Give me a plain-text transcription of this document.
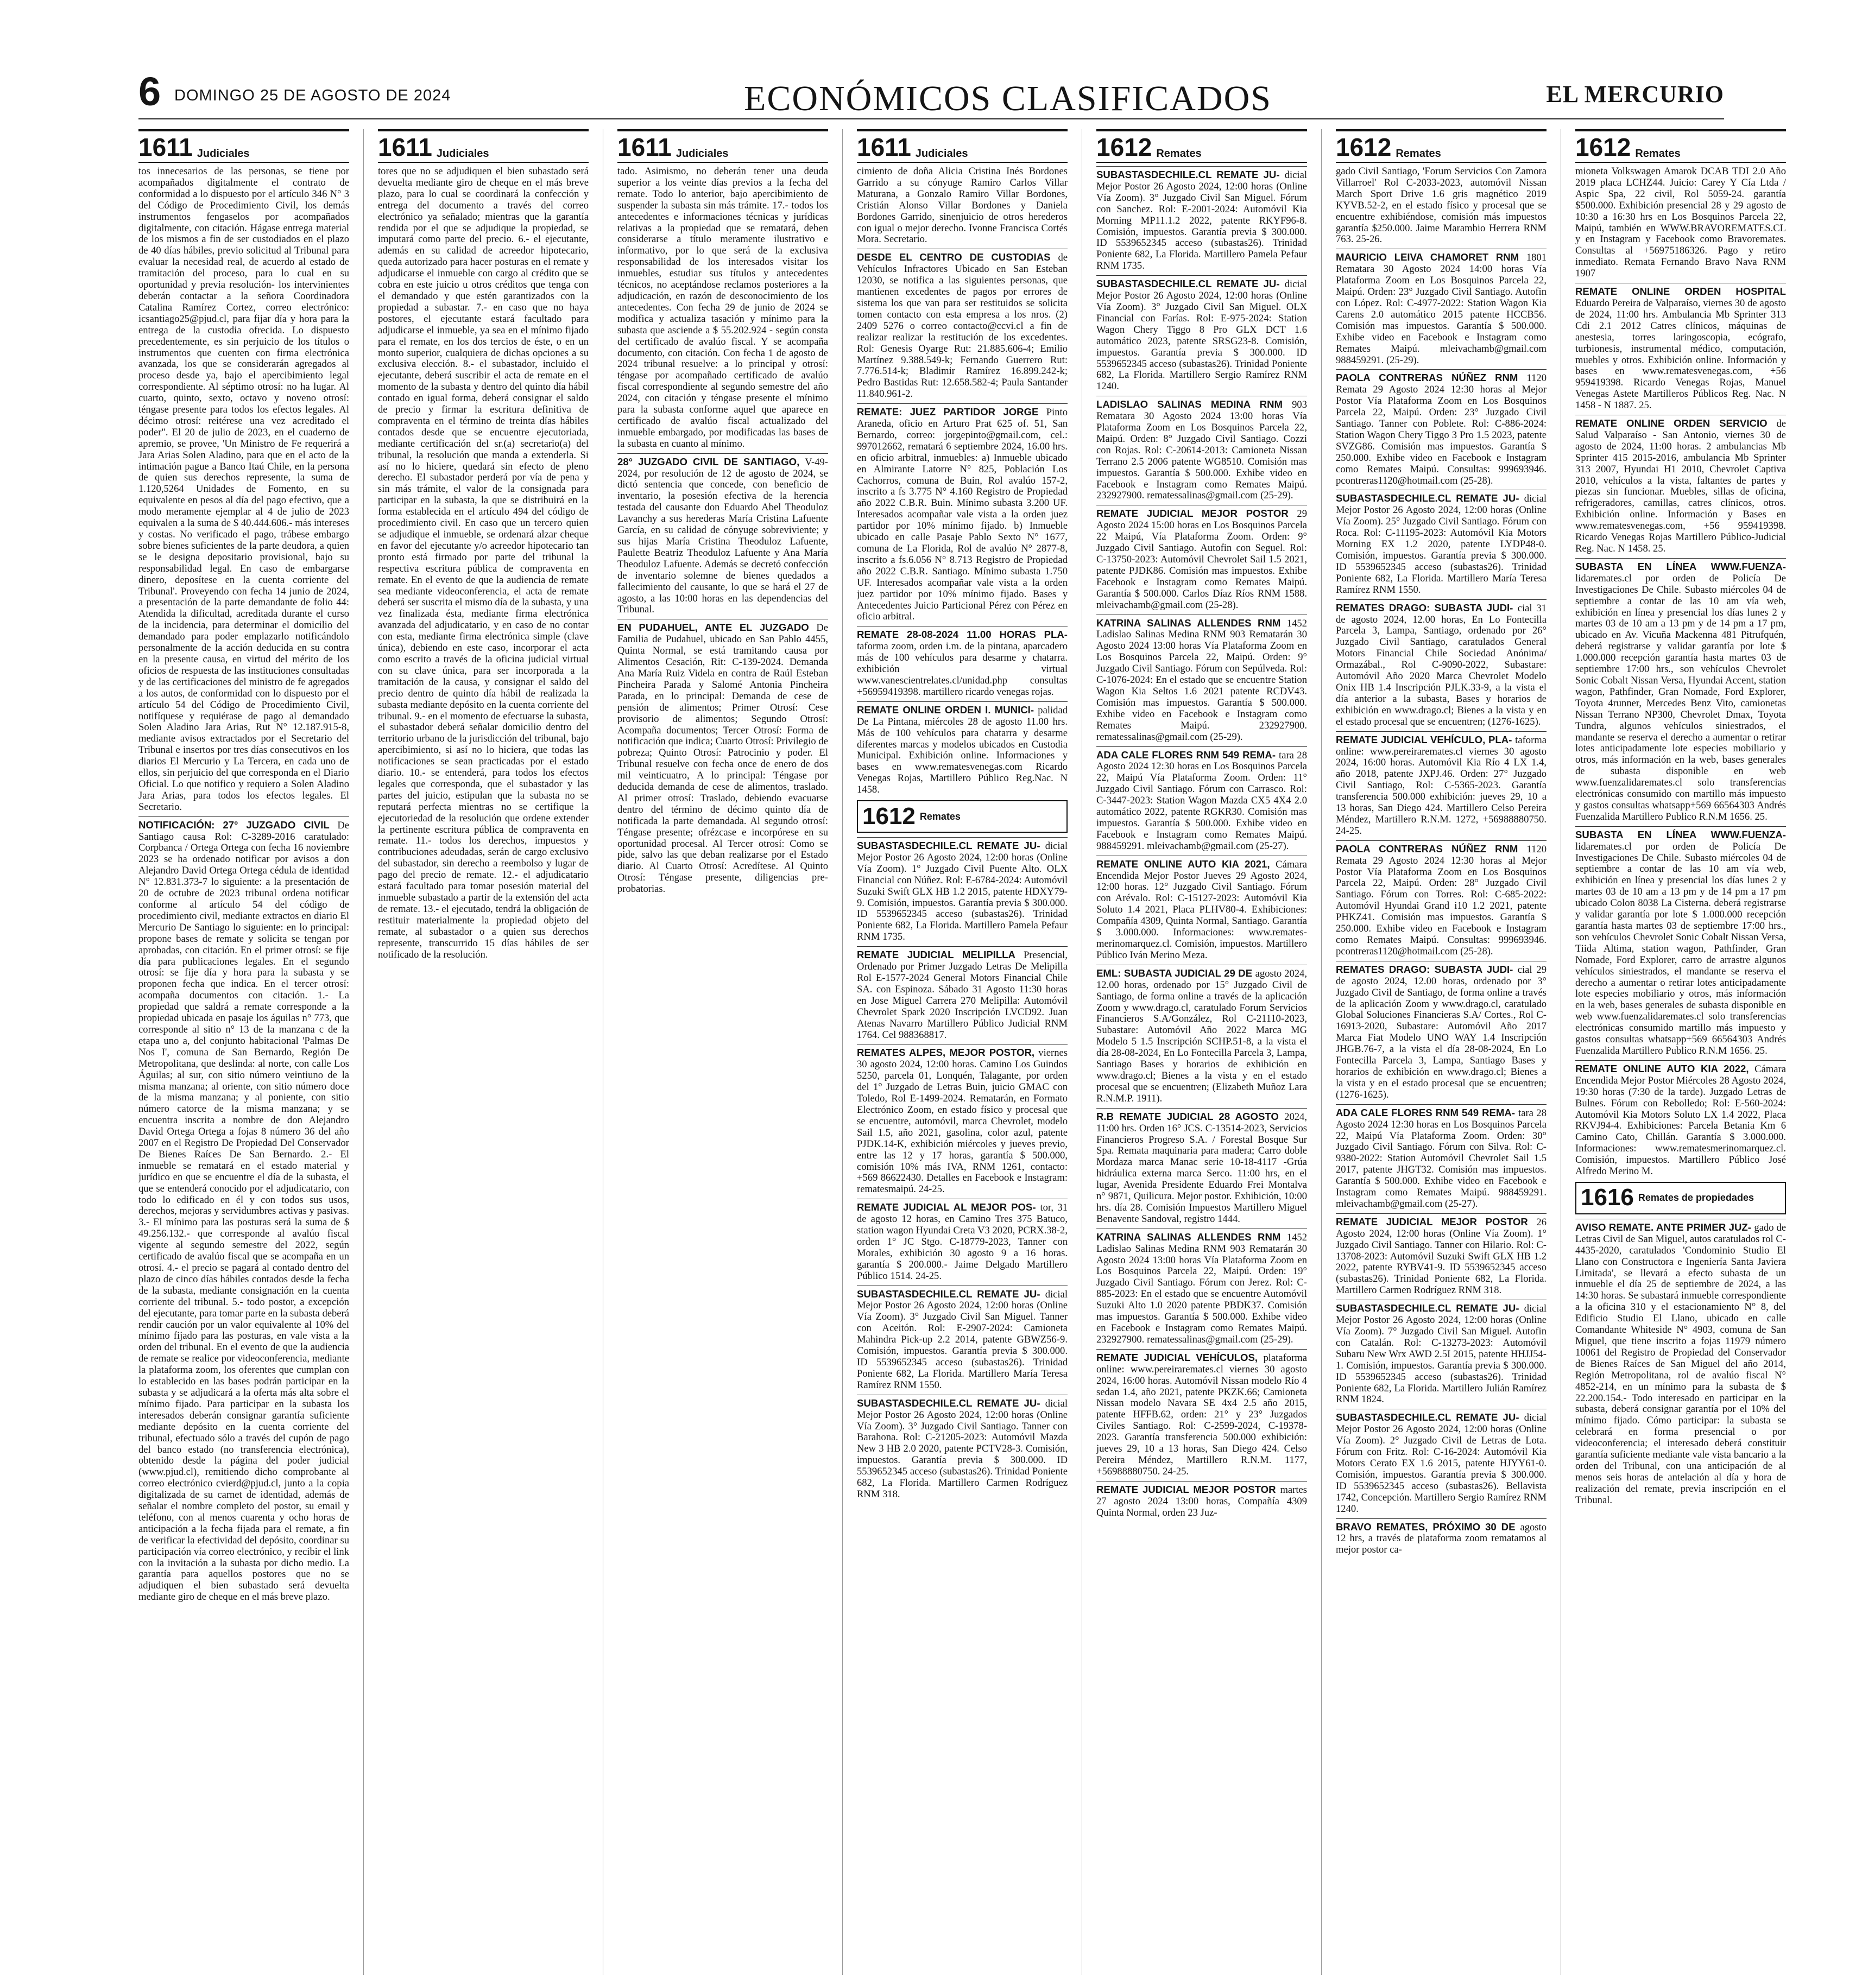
6 DOMINGO 25 DE AGOSTO DE 2024	ECONÓMICOS CLASIFICADOS	EL MERCURIO
1611 Judiciales

tos innecesarios de las personas, se tiene por acompañados digitalmente el contrato de conformidad a lo dispuesto por el artículo 346 N° 3 del Código de Procedimiento Civil, los demás instrumentos fengaselos por acompañados digitalmente, con citación. Hágase entrega material de los mismos a fin de ser custodiados en el plazo de 40 días hábiles, previo solicitud al Tribunal para evaluar la necesidad real, de acuerdo al estado de tramitación del proceso, para lo cual en su oportunidad y previa resolución- los intervinientes deberán contactar a la señora Coordinadora Catalina Ramírez Cortez, correo electrónico: icsantiago25@pjud.cl, para fijar día y hora para la entrega de la custodia ofrecida. Lo dispuesto precedentemente, es sin perjuicio de los títulos o instrumentos que cuenten con firma electrónica avanzada, los que se considerarán agregados al proceso desde ya, bajo el apercibimiento legal correspondiente. Al séptimo otrosí: no ha lugar. Al cuarto, quinto, sexto, octavo y noveno otrosí: téngase presente para todos los efectos legales. Al décimo otrosí: reitérese una vez acreditado el poder". El 20 de julio de 2023, en el cuaderno de apremio, se provee, 'Un Ministro de Fe requerirá a Jara Arias Solen Aladino, para que en el acto de la intimación pague a Banco Itaú Chile, en la persona de quien sus derechos represente, la suma de 1.120,5264 Unidades de Fomento, en su equivalente en pesos al día del pago efectivo, que a modo meramente ejemplar al 4 de julio de 2023 equivalen a la suma de $ 40.444.606.- más intereses y costas. No verificado el pago, trábese embargo sobre bienes suficientes de la parte deudora, a quien se le designa depositario provisional, bajo su responsabilidad legal. En caso de embargarse dinero, deposítese en la cuenta corriente del Tribunal'. Proveyendo con fecha 14 junio de 2024, a presentación de la parte demandante de folio 44: Atendida la dificultad, acreditada durante el curso de la incidencia, para determinar el domicilio del demandado para poder emplazarlo notificándolo personalmente de la acción deducida en su contra en la presente causa, en virtud del mérito de los oficios de respuesta de las instituciones consultadas y de las certificaciones del ministro de fe agregados a los autos, de conformidad con lo dispuesto por el artículo 54 del Código de Procedimiento Civil, notifíquese y requiérase de pago al demandado Solen Aladino Jara Arias, Rut N° 12.187.915-8, mediante avisos extractados por el Secretario del Tribunal e insertos por tres días consecutivos en los diarios El Mercurio y La Tercera, en cada uno de ellos, sin perjuicio del que corresponda en el Diario Oficial. Lo que notifico y requiero a Solen Aladino Jara Arias, para todos los efectos legales. El Secretario.

NOTIFICACIÓN: 27° JUZGADO CIVIL De Santiago causa Rol: C-3289-2016 caratulado: Corpbanca / Ortega Ortega con fecha 16 noviembre 2023 se ha ordenado notificar por avisos a don Alejandro David Ortega Ortega cédula de identidad N° 12.831.373-7 lo siguiente: a la presentación de 20 de octubre de 2023 tribunal ordena notificar conforme al artículo 54 del código de procedimiento civil, mediante extractos en diario El Mercurio De Santiago lo siguiente: en lo principal: propone bases de remate y solicita se tengan por aprobadas, con citación. En el primer otrosí: se fije día para publicaciones legales. En el segundo otrosí: se fije día y hora para la subasta y se proponen fecha que indica. En el tercer otrosí: acompaña documentos con citación. 1.- La propiedad que saldrá a remate corresponde a la propiedad ubicada en pasaje los águilas n° 773, que corresponde al sitio n° 13 de la manzana c de la etapa uno a, del conjunto habitacional 'Palmas De Nos I', comuna de San Bernardo, Región De Metropolitana, que deslinda: al norte, con calle Los Águilas; al sur, con sitio número veintiuno de la misma manzana; al oriente, con sitio número doce de la misma manzana; y al poniente, con sitio número catorce de la misma manzana; y se encuentra inscrita a nombre de don Alejandro David Ortega Ortega a fojas 8 número 36 del año 2007 en el Registro De Propiedad Del Conservador De Bienes Raíces De San Bernardo. 2.- El inmueble se rematará en el estado material y jurídico en que se encuentre el día de la subasta, el que se entenderá conocido por el adjudicatario, con todo lo edificado en él y con todos sus usos, derechos, mejoras y servidumbres activas y pasivas. 3.- El mínimo para las posturas será la suma de $ 49.256.132.- que corresponde al avalúo fiscal vigente al segundo semestre del 2022, según certificado de avalúo fiscal que se acompaña en un otrosí. 4.- el precio se pagará al contado dentro del plazo de cinco días hábiles contados desde la fecha de la subasta, mediante consignación en la cuenta corriente del tribunal. 5.- todo postor, a excepción del ejecutante, para tomar parte en la subasta deberá rendir caución por un valor equivalente al 10% del mínimo fijado para las posturas, en vale vista a la orden del tribunal. En el evento de que la audiencia de remate se realice por videoconferencia, mediante la plataforma zoom, los oferentes que cumplan con lo establecido en las bases podrán participar en la subasta y se adjudicará a la oferta más alta sobre el mínimo fijado. Para participar en la subasta los interesados deberán consignar garantía suficiente mediante depósito en la cuenta corriente del tribunal, efectuado sólo a través del cupón de pago del banco estado (no transferencia electrónica), obtenido desde la página del poder judicial (www.pjud.cl), remitiendo dicho comprobante al correo electrónico cvierd@pjud.cl, junto a la copia digitalizada de su carnet de identidad, además de señalar el nombre completo del postor, su email y teléfono, con al menos cuarenta y ocho horas de anticipación a la fecha fijada para el remate, a fin de verificar la efectividad del depósito, coordinar su participación vía correo electrónico, y recibir el link con la invitación a la subasta por dicho medio. La garantía para aquellos postores que no se adjudiquen el bien subastado será devuelta mediante giro de cheque en el más breve plazo.

1611 Judiciales

tores que no se adjudiquen el bien subastado será devuelta mediante giro de cheque en el más breve plazo, para lo cual se coordinará la confección y entrega del documento a través del correo electrónico ya señalado; mientras que la garantía rendida por el que se adjudique la propiedad, se imputará como parte del precio. 6.- el ejecutante, además en su calidad de acreedor hipotecario, queda autorizado para hacer posturas en el remate y adjudicarse el inmueble con cargo al crédito que se cobra en este juicio u otros créditos que tenga con el demandado y que estén garantizados con la propiedad a subastar. 7.- en caso que no haya postores, el ejecutante estará facultado para adjudicarse el inmueble, ya sea en el mínimo fijado para el remate, en los dos tercios de éste, o en un monto superior, cualquiera de dichas opciones a su exclusiva elección. 8.- el subastador, incluido el ejecutante, deberá suscribir el acta de remate en el momento de la subasta y dentro del quinto día hábil contado en igual forma, deberá consignar el saldo de precio y firmar la escritura definitiva de compraventa en el término de treinta días hábiles contados desde que se encuentre ejecutoriada, mediante certificación del sr.(a) secretario(a) del tribunal, la resolución que manda a extenderla. Si así no lo hiciere, quedará sin efecto de pleno derecho. El subastador perderá por vía de pena y sin más trámite, el valor de la consignada para participar en la subasta, la que se distribuirá en la forma establecida en el artículo 494 del código de procedimiento civil. En caso que un tercero quien se adjudique el inmueble, se ordenará alzar cheque en favor del ejecutante y/o acreedor hipotecario tan pronto está firmado por parte del tribunal la respectiva escritura pública de compraventa en remate. En el evento de que la audiencia de remate sea mediante videoconferencia, el acta de remate deberá ser suscrita el mismo día de la subasta, y una vez finalizada ésta, mediante firma electrónica avanzada del adjudicatario, y en caso de no contar con esta, mediante firma electrónica simple (clave única), debiendo en este caso, incorporar el acta como escrito a través de la oficina judicial virtual con su clave única, para ser incorporada a la tramitación de la causa, y consignar el saldo del precio dentro de quinto día hábil de realizada la subasta mediante depósito en la cuenta corriente del tribunal. 9.- en el momento de efectuarse la subasta, el subastador deberá señalar domicilio dentro del territorio urbano de la jurisdicción del tribunal, bajo apercibimiento, si así no lo hiciera, que todas las notificaciones se sean practicadas por el estado diario. 10.- se entenderá, para todos los efectos legales que corresponda, que el subastador y las partes del juicio, estipulan que la subasta no se reputará perfecta mientras no se certifique la ejecutoriedad de la resolución que ordene extender la pertinente escritura pública de compraventa en remate. 11.- todos los derechos, impuestos y contribuciones adeudadas, serán de cargo exclusivo del subastador, sin derecho a reembolso y lugar de pago del precio de remate. 12.- el adjudicatario estará facultado para tomar posesión material del inmueble subastado a partir de la extensión del acta de remate. 13.- el ejecutado, tendrá la obligación de restituir materialmente la propiedad objeto del remate, al subastador o a quien sus derechos represente, transcurrido 15 días hábiles de ser notificado de la resolución.

1611 Judiciales

tado. Asimismo, no deberán tener una deuda superior a los veinte días previos a la fecha del remate. Todo lo anterior, bajo apercibimiento de suspender la subasta sin más trámite. 17.- todos los antecedentes e informaciones técnicas y jurídicas relativas a la propiedad que se rematará, deben considerarse a título meramente ilustrativo e informativo, por lo que será de la exclusiva responsabilidad de los interesados visitar los inmuebles, estudiar sus títulos y antecedentes técnicos, no aceptándose reclamos posteriores a la adjudicación, en razón de desconocimiento de los antecedentes. Con fecha 29 de junio de 2024 se modifica y actualiza tasación y mínimo para la subasta que asciende a $ 55.202.924 - según consta del certificado de avalúo fiscal. Y se acompaña documento, con citación. Con fecha 1 de agosto de 2024 tribunal resuelve: a lo principal y otrosí: téngase por acompañado certificado de avalúo fiscal correspondiente al segundo semestre del año 2024, con citación y téngase presente el mínimo para la subasta conforme aquel que aparece en certificado de avalúo fiscal actualizado del inmueble embargado, por modificadas las bases de la subasta en cuanto al mínimo.

28° JUZGADO CIVIL DE SANTIAGO, V-49-2024, por resolución de 12 de agosto de 2024, se dictó sentencia que concede, con beneficio de inventario, la posesión efectiva de la herencia testada del causante don Eduardo Abel Theoduloz Lavanchy a sus herederas María Cristina Lafuente García, en su calidad de cónyuge sobreviviente; y sus hijas María Cristina Theoduloz Lafuente, Paulette Beatriz Theoduloz Lafuente y Ana María Theoduloz Lafuente. Además se decretó confección de inventario solemne de bienes quedados a fallecimiento del causante, lo que se hará el 27 de agosto, a las 10:00 horas en las dependencias del Tribunal.

EN PUDAHUEL, ANTE EL JUZGADO De Familia de Pudahuel, ubicado en San Pablo 4455, Quinta Normal, se está tramitando causa por Alimentos Cesación, Rit: C-139-2024. Demanda Ana María Ruiz Videla en contra de Raúl Esteban Pincheira Parada y Salomé Antonia Pincheira Parada, en lo principal: Demanda de cese de pensión de alimentos; Primer Otrosí: Cese provisorio de alimentos; Segundo Otrosí: Acompaña documentos; Tercer Otrosí: Forma de notificación que indica; Cuarto Otrosí: Privilegio de pobreza; Quinto Otrosí: Patrocinio y poder. El Tribunal resuelve con fecha once de enero de dos mil veinticuatro, A lo principal: Téngase por deducida demanda de cese de alimentos, traslado. Al primer otrosí: Traslado, debiendo evacuarse dentro del término de décimo quinto día de notificada la parte demandada. Al segundo otrosí: Téngase presente; ofrézcase e incorpórese en su oportunidad procesal. Al Tercer otrosí: Como se pide, salvo las que deban realizarse por el Estado diario. Al Cuarto Otrosí: Acredítese. Al Quinto Otrosí: Téngase presente, diligencias pre-probatorias.

1611 Judiciales

cimiento de doña Alicia Cristina Inés Bordones Garrido a su cónyuge Ramiro Carlos Villar Maturana, a Gonzalo Ramiro Villar Bordones, Cristián Alonso Villar Bordones y Daniela Bordones Garrido, sinenjuicio de otros herederos con igual o mejor derecho. Ivonne Francisca Cortés Mora. Secretario.

DESDE EL CENTRO DE CUSTODIAS de Vehículos Infractores Ubicado en San Esteban 12030, se notifica a las siguientes personas, que mantienen excedentes de pagos por errores de sistema los que van para ser restituidos se solicita tomen contacto con esta empresa a los nros. (2) 2409 5276 o correo contacto@ccvi.cl a fin de realizar realizar la restitución de los excedentes. Rol: Genesis Oyarge Rut: 21.885.606-4; Emilio Martínez 9.388.549-k; Fernando Guerrero Rut: 7.776.514-k; Bladimir Ramírez 16.899.242-k; Pedro Bastidas Rut: 12.658.582-4; Paula Santander 11.840.961-2.

REMATE: JUEZ PARTIDOR JORGE Pinto Araneda, oficio en Arturo Prat 625 of. 51, San Bernardo, correo: jorgepinto@gmail.com, cel.: 997012662, rematará 6 septiembre 2024, 16.00 hrs. en oficio arbitral, inmuebles: a) Inmueble ubicado en Almirante Latorre N° 825, Población Los Cachorros, comuna de Buin, Rol avalúo 157-2, inscrito a fs 3.775 N° 4.160 Registro de Propiedad año 2022 C.B.R. Buin. Mínimo subasta 3.200 UF. Interesados acompañar vale vista a la orden juez partidor por 10% mínimo fijado. b) Inmueble ubicado en calle Pasaje Pablo Sexto N° 1677, comuna de La Florida, Rol de avalúo N° 2877-8, inscrito a fs.6.056 N° 8.713 Registro de Propiedad año 2022 C.B.R. Santiago. Mínimo subasta 1.750 UF. Interesados acompañar vale vista a la orden juez partidor por 10% mínimo fijado. Bases y Antecedentes Juicio Particional Pérez con Pérez en oficio arbitral.

REMATE 28-08-2024 11.00 HORAS PLA- taforma zoom, orden i.m. de la pintana, aparcadero más de 100 vehículos para desarme y chatarra. exhibición virtual www.vanescientrelates.cl/unidad.php consultas +56959419398. martillero ricardo venegas rojas.

REMATE ONLINE ORDEN I. MUNICI- palidad De La Pintana, miércoles 28 de agosto 11.00 hrs. Más de 100 vehículos para chatarra y desarme diferentes marcas y modelos ubicados en Custodia Municipal. Exhibición online. Informaciones y bases en www.rematesvenegas.com Ricardo Venegas Rojas, Martillero Público Reg.Nac. N 1458.

1612 Remates

SUBASTASDECHILE.CL REMATE JU- dicial Mejor Postor 26 Agosto 2024, 12:00 horas (Online Vía Zoom). 1° Juzgado Civil Puente Alto. OLX Financial con Núñez. Rol: E-6784-2024: Automóvil Suzuki Swift GLX HB 1.2 2015, patente HDXY79-9. Comisión, impuestos. Garantía previa $ 300.000. ID 5539652345 acceso (subastas26). Trinidad Poniente 682, La Florida. Martillero Pamela Pefaur RNM 1735.

REMATE JUDICIAL MELIPILLA Presencial, Ordenado por Primer Juzgado Letras De Melipilla Rol E-1577-2024 General Motors Financial Chile SA. con Espinoza. Sábado 31 Agosto 11:30 horas en Jose Miguel Carrera 270 Melipilla: Automóvil Chevrolet Spark 2020 Inscripción LVCD92. Juan Atenas Navarro Martillero Público Judicial RNM 1764. Cel 988368817.

REMATES ALPES, MEJOR POSTOR, viernes 30 agosto 2024, 12:00 horas. Camino Los Guindos 5250, parcela 01, Lonquén, Talagante, por orden del 1° Juzgado de Letras Buin, juicio GMAC con Toledo, Rol E-1499-2024. Rematarán, en Formato Electrónico Zoom, en estado físico y procesal que se encuentre, automóvil, marca Chevrolet, modelo Sail 1.5, año 2021, gasolina, color azul, patente PJDK.14-K, exhibición miércoles y jueves previo, entre las 12 y 17 horas, garantía $ 500.000, comisión 10% más IVA, RNM 1261, contacto: +569 86622430. Detalles en Facebook e Instagram: rematesmaipú. 24-25.

REMATE JUDICIAL AL MEJOR POS- tor, 31 de agosto 12 horas, en Camino Tres 375 Batuco, station wagon Hyundai Creta V3 2020, PCRX.38-2, orden 1° JC Stgo. C-18779-2023, Tanner con Morales, exhibición 30 agosto 9 a 16 horas. garantía $ 200.000.- Jaime Delgado Martillero Público 1514. 24-25.

SUBASTASDECHILE.CL REMATE JU- dicial Mejor Postor 26 Agosto 2024, 12:00 horas (Online Vía Zoom). 3° Juzgado Civil San Miguel. Tanner con Aceitón. Rol: E-2907-2024: Camioneta Mahindra Pick-up 2.2 2014, patente GBWZ56-9. Comisión, impuestos. Garantía previa $ 300.000. ID 5539652345 acceso (subastas26). Trinidad Poniente 682, La Florida. Martillero María Teresa Ramírez RNM 1550.

SUBASTASDECHILE.CL REMATE JU- dicial Mejor Postor 26 Agosto 2024, 12:00 horas (Online Vía Zoom). 3° Juzgado Civil Santiago. Tanner con Barahona. Rol: C-21205-2023: Automóvil Mazda New 3 HB 2.0 2020, patente PCTV28-3. Comisión, impuestos. Garantía previa $ 300.000. ID 5539652345 acceso (subastas26). Trinidad Poniente 682, La Florida. Martillero Carmen Rodríguez RNM 318.

1612 Remates

SUBASTASDECHILE.CL REMATE JU- dicial Mejor Postor 26 Agosto 2024, 12:00 horas (Online Vía Zoom). 3° Juzgado Civil San Miguel. Fórum con Sanchez. Rol: E-2001-2024: Automóvil Kia Morning MP11.1.2 2022, patente RKYF96-8. Comisión, impuestos. Garantía previa $ 300.000. ID 5539652345 acceso (subastas26). Trinidad Poniente 682, La Florida. Martillero Pamela Pefaur RNM 1735.

SUBASTASDECHILE.CL REMATE JU- dicial Mejor Postor 26 Agosto 2024, 12:00 horas (Online Vía Zoom). 3° Juzgado Civil San Miguel. OLX Financial con Farías. Rol: E-975-2024: Station Wagon Chery Tiggo 8 Pro GLX DCT 1.6 automático 2023, patente SRSG23-8. Comisión, impuestos. Garantía previa $ 300.000. ID 5539652345 acceso (subastas26). Trinidad Poniente 682, La Florida. Martillero Sergio Ramírez RNM 1240.

LADISLAO SALINAS MEDINA RNM 903 Rematara 30 Agosto 2024 13:00 horas Vía Plataforma Zoom en Los Bosquinos Parcela 22, Maipú. Orden: 8° Juzgado Civil Santiago. Cozzi con Rojas. Rol: C-20614-2013: Camioneta Nissan Terrano 2.5 2006 patente WG8510. Comisión mas impuestos. Garantía $ 500.000. Exhibe video en Facebook e Instagram como Remates Maipú. 232927900. rematessalinas@gmail.com (25-29).

REMATE JUDICIAL MEJOR POSTOR 29 Agosto 2024 15:00 horas en Los Bosquinos Parcela 22 Maipú, Vía Plataforma Zoom. Orden: 9° Juzgado Civil Santiago. Autofin con Seguel. Rol: C-13750-2023: Automóvil Chevrolet Sail 1.5 2021, patente PJDK86. Comisión mas impuestos. Exhibe Facebook e Instagram como Remates Maipú. Garantía $ 500.000. Carlos Díaz Ríos RNM 1588. mleivachamb@gmail.com (25-28).

KATRINA SALINAS ALLENDES RNM 1452 Ladislao Salinas Medina RNM 903 Rematarán 30 Agosto 2024 13:00 horas Vía Plataforma Zoom en Los Bosquinos Parcela 22, Maipú. Orden: 9° Juzgado Civil Santiago. Fórum con Sepúlveda. Rol: C-1076-2024: En el estado que se encuentre Station Wagon Kia Seltos 1.6 2021 patente RCDV43. Comisión mas impuestos. Garantía $ 500.000. Exhibe video en Facebook e Instagram como Remates Maipú. 232927900. rematessalinas@gmail.com (25-29).

ADA CALE FLORES RNM 549 REMA- tara 28 Agosto 2024 12:30 horas en Los Bosquinos Parcela 22, Maipú Vía Plataforma Zoom. Orden: 11° Juzgado Civil Santiago. Fórum con Carrasco. Rol: C-3447-2023: Station Wagon Mazda CX5 4X4 2.0 automático 2022, patente RGKR30. Comisión mas impuestos. Garantía $ 500.000. Exhibe video en Facebook e Instagram como Remates Maipú. 988459291. mleivachamb@gmail.com (25-27).

REMATE ONLINE AUTO KIA 2021, Cámara Encendida Mejor Postor Jueves 29 Agosto 2024, 12:00 horas. 12° Juzgado Civil Santiago. Fórum con Arévalo. Rol: C-15127-2023: Automóvil Kia Soluto 1.4 2021, Placa PLHV80-4. Exhibiciones: Compañía 4309, Quinta Normal, Santiago. Garantía $ 3.000.000. Informaciones: www.remates-merinomarquez.cl. Comisión, impuestos. Martillero Público Iván Merino Meza.

EML: SUBASTA JUDICIAL 29 DE agosto 2024, 12.00 horas, ordenado por 15° Juzgado Civil de Santiago, de forma online a través de la aplicación Zoom y www.drago.cl, caratulado Forum Servicios Financieros S.A/González, Rol C-21110-2023, Subastare: Automóvil Año 2022 Marca MG Modelo 5 1.5 Inscripción SCHP.51-8, a la vista el día 28-08-2024, En Lo Fontecilla Parcela 3, Lampa, Santiago Bases y horarios de exhibición en www.drago.cl; Bienes a la vista y en el estado procesal que se encuentren; (Elizabeth Muñoz Lara R.N.M.P. 1911).

R.B REMATE JUDICIAL 28 AGOSTO 2024, 11:00 hrs. Orden 16° JCS. C-13514-2023, Servicios Financieros Progreso S.A. / Forestal Bosque Sur Spa. Remata maquinaria para madera; Carro doble Mordaza marca Manac serie 10-18-4117 -Grúa hidráulica externa marca Serco. 11:00 hrs, en el lugar, Avenida Presidente Eduardo Frei Montalva n° 9871, Quilicura. Mejor postor. Exhibición, 10:00 hrs. día 28. Comisión Impuestos Martillero Miguel Benavente Sandoval, registro 1444.

KATRINA SALINAS ALLENDES RNM 1452 Ladislao Salinas Medina RNM 903 Rematarán 30 Agosto 2024 13:00 horas Vía Plataforma Zoom en Los Bosquinos Parcela 22, Maipú. Orden: 19° Juzgado Civil Santiago. Fórum con Jerez. Rol: C-885-2023: En el estado que se encuentre Automóvil Suzuki Alto 1.0 2020 patente PBDK37. Comisión mas impuestos. Garantía $ 500.000. Exhibe video en Facebook e Instagram como Remates Maipú. 232927900. rematessalinas@gmail.com (25-29).

REMATE JUDICIAL VEHÍCULOS, plataforma online: www.pereiraremates.cl viernes 30 agosto 2024, 16:00 horas. Automóvil Nissan modelo Río 4 sedan 1.4, año 2021, patente PKZK.66; Camioneta Nissan modelo Navara SE 4x4 2.5 año 2015, patente HFFB.62, orden: 21° y 23° Juzgados Civiles Santiago. Rol: C-2599-2024, C-19378-2023. Garantía transferencia 500.000 exhibición: jueves 29, 10 a 13 horas, San Diego 424. Celso Pereira Méndez, Martillero R.N.M. 1177, +56988880750. 24-25.

REMATE JUDICIAL MEJOR POSTOR martes 27 agosto 2024 13:00 horas, Compañía 4309 Quinta Normal, orden 23 Juz-

1612 Remates

gado Civil Santiago, 'Forum Servicios Con Zamora Villarroel' Rol C-2033-2023, automóvil Nissan March Sport Drive 1.6 gris magnético 2019 KYVB.52-2, en el estado físico y procesal que se encuentre exhibiéndose, comisión más impuestos garantía $250.000. Jaime Marambio Herrera RNM 763. 25-26.

MAURICIO LEIVA CHAMORET RNM 1801 Rematara 30 Agosto 2024 14:00 horas Vía Plataforma Zoom en Los Bosquinos Parcela 22, Maipú. Orden: 23° Juzgado Civil Santiago. Autofin con López. Rol: C-4977-2022: Station Wagon Kia Carens 2.0 automático 2015 patente HCCB56. Comisión mas impuestos. Garantía $ 500.000. Exhibe video en Facebook e Instagram como Remates Maipú. mleivachamb@gmail.com 988459291. (25-29).

PAOLA CONTRERAS NÚÑEZ RNM 1120 Remata 29 Agosto 2024 12:30 horas al Mejor Postor Vía Plataforma Zoom en Los Bosquinos Parcela 22, Maipú. Orden: 23° Juzgado Civil Santiago. Tanner con Poblete. Rol: C-886-2024: Station Wagon Chery Tiggo 3 Pro 1.5 2023, patente SVZG86. Comisión mas impuestos. Garantía $ 250.000. Exhibe video en Facebook e Instagram como Remates Maipú. Consultas: 999693946. pcontreras1120@hotmail.com (25-28).

SUBASTASDECHILE.CL REMATE JU- dicial Mejor Postor 26 Agosto 2024, 12:00 horas (Online Vía Zoom). 25° Juzgado Civil Santiago. Fórum con Roca. Rol: C-11195-2023: Automóvil Kia Motors Morning EX 1.2 2020, patente LYDP48-0. Comisión, impuestos. Garantía previa $ 300.000. ID 5539652345 acceso (subastas26). Trinidad Poniente 682, La Florida. Martillero María Teresa Ramírez RNM 1550.

REMATES DRAGO: SUBASTA JUDI- cial 31 de agosto 2024, 12.00 horas, En Lo Fontecilla Parcela 3, Lampa, Santiago, ordenado por 26° Juzgado Civil Santiago, caratulados General Motors Financial Chile Sociedad Anónima/ Ormazábal., Rol C-9090-2022, Subastare: Automóvil Año 2020 Marca Chevrolet Modelo Onix HB 1.4 Inscripción PJLK.33-9, a la vista el día anterior a la subasta, Bases y horarios de exhibición en www.drago.cl; Bienes a la vista y en el estado procesal que se encuentren; (1276-1625).

REMATE JUDICIAL VEHÍCULO, PLA- taforma online: www.pereiraremates.cl viernes 30 agosto 2024, 16:00 horas. Automóvil Kia Río 4 LX 1.4, año 2018, patente JXPJ.46. Orden: 27° Juzgado Civil Santiago, Rol: C-5365-2023. Garantía transferencia 500.000 exhibición: jueves 29, 10 a 13 horas, San Diego 424. Martillero Celso Pereira Méndez, Martillero R.N.M. 1272, +56988880750. 24-25.

PAOLA CONTRERAS NÚÑEZ RNM 1120 Remata 29 Agosto 2024 12:30 horas al Mejor Postor Vía Plataforma Zoom en Los Bosquinos Parcela 22, Maipú. Orden: 28° Juzgado Civil Santiago. Fórum con Torres. Rol: C-685-2022: Automóvil Hyundai Grand i10 1.2 2021, patente PHKZ41. Comisión mas impuestos. Garantía $ 250.000. Exhibe video en Facebook e Instagram como Remates Maipú. Consultas: 999693946. pcontreras1120@hotmail.com (25-28).

REMATES DRAGO: SUBASTA JUDI- cial 29 de agosto 2024, 12.00 horas, ordenado por 3° Juzgado Civil de Santiago, de forma online a través de la aplicación Zoom y www.drago.cl, caratulado Global Soluciones Financieras S.A/ Cortes., Rol C-16913-2020, Subastare: Automóvil Año 2017 Marca Fiat Modelo UNO WAY 1.4 Inscripción JHGB.76-7, a la vista el día 28-08-2024, En Lo Fontecilla Parcela 3, Lampa, Santiago Bases y horarios de exhibición en www.drago.cl; Bienes a la vista y en el estado procesal que se encuentren; (1276-1625).

ADA CALE FLORES RNM 549 REMA- tara 28 Agosto 2024 12:30 horas en Los Bosquinos Parcela 22, Maipú Vía Plataforma Zoom. Orden: 30° Juzgado Civil Santiago. Fórum con Silva. Rol: C-9380-2022: Station Automóvil Chevrolet Sail 1.5 2017, patente JHGT32. Comisión mas impuestos. Garantía $ 500.000. Exhibe video en Facebook e Instagram como Remates Maipú. 988459291. mleivachamb@gmail.com (25-27).

REMATE JUDICIAL MEJOR POSTOR 26 Agosto 2024, 12:00 horas (Online Vía Zoom). 1° Juzgado Civil Santiago. Tanner con Hilario. Rol: C-13708-2023: Automóvil Suzuki Swift GLX HB 1.2 2022, patente RYBV41-9. ID 5539652345 acceso (subastas26). Trinidad Poniente 682, La Florida. Martillero Carmen Rodríguez RNM 318.

SUBASTASDECHILE.CL REMATE JU- dicial Mejor Postor 26 Agosto 2024, 12:00 horas (Online Vía Zoom). 7° Juzgado Civil San Miguel. Autofin con Catalán. Rol: C-13273-2023: Automóvil Subaru New Wrx AWD 2.5I 2015, patente HHJJ54-1. Comisión, impuestos. Garantía previa $ 300.000. ID 5539652345 acceso (subastas26). Trinidad Poniente 682, La Florida. Martillero Julián Ramírez RNM 1824.

SUBASTASDECHILE.CL REMATE JU- dicial Mejor Postor 26 Agosto 2024, 12:00 horas (Online Vía Zoom). 2° Juzgado Civil de Letras de Lota. Fórum con Fritz. Rol: C-16-2024: Automóvil Kia Motors Cerato EX 1.6 2015, patente HJYY61-0. Comisión, impuestos. Garantía previa $ 300.000. ID 5539652345 acceso (subastas26). Bellavista 1742, Concepción. Martillero Sergio Ramírez RNM 1240.

BRAVO REMATES, PRÓXIMO 30 DE agosto 12 hrs, a través de plataforma zoom rematamos al mejor postor ca-

1612 Remates

mioneta Volkswagen Amarok DCAB TDI 2.0 Año 2019 placa LCHZ44. Juicio: Carey Y Cía Ltda / Aspic Spa, 22 civil, Rol 5059-24. garantía $500.000. Exhibición presencial 28 y 29 agosto de 10:30 a 16:30 hrs en Los Bosquinos Parcela 22, Maipú, también en WWW.BRAVOREMATES.CL y en Instagram y Facebook como Bravoremates. Consultas al +56975186326. Pago y retiro inmediato. Remata Fernando Bravo Nava RNM 1907

REMATE ONLINE ORDEN HOSPITAL Eduardo Pereira de Valparaíso, viernes 30 de agosto de 2024, 11:00 hrs. Ambulancia Mb Sprinter 313 Cdi 2.1 2012 Catres clínicos, máquinas de anestesia, torres laringoscopia, ecógrafo, turbionesis, instrumental médico, computación, muebles y otros. Exhibición online. Información y bases en www.rematesvenegas.com, +56 959419398. Ricardo Venegas Rojas, Manuel Venegas Astete Martilleros Públicos Reg. Nac. N 1458 - N 1887. 25.

REMATE ONLINE ORDEN SERVICIO de Salud Valparaíso - San Antonio, viernes 30 de agosto de 2024, 11:00 horas. 2 ambulancias Mb Sprinter 415 2015-2016, ambulancia Mb Sprinter 313 2007, Hyundai H1 2010, Chevrolet Captiva 2010, vehículos a la vista, faltantes de partes y piezas sin funcionar. Muebles, sillas de oficina, refrigeradores, camillas, catres clínicos, otros. Exhibición online. Información y Bases en www.rematesvenegas.com, +56 959419398. Ricardo Venegas Rojas Martillero Público-Judicial Reg. Nac. N 1458. 25.

SUBASTA EN LÍNEA WWW.FUENZA- lidaremates.cl por orden de Policía De Investigaciones De Chile. Subasto miércoles 04 de septiembre a contar de las 10 am vía web, exhibición en línea y presencial los días lunes 2 y martes 03 de 10 am a 13 pm y de 14 pm a 17 pm, ubicado en Av. Vicuña Mackenna 481 Pitrufquén, deberá registrarse y validar garantía por lote $ 1.000.000 recepción garantía hasta martes 03 de septiembre 17:00 hrs., son vehículos Chevrolet Sonic Cobalt Nissan Versa, Hyundai Accent, station wagon, Pathfinder, Gran Nomade, Ford Explorer, Toyota 4runner, Mercedes Benz Vito, camionetas Nissan Terrano NP300, Chevrolet Dmax, Toyota Tundra, algunos vehículos siniestrados, el mandante se reserva el derecho a aumentar o retirar lotes anticipadamente lote especies mobiliario y otros, más información en la web, bases generales de subasta disponible en web www.fuenzalidaremates.cl solo transferencias electrónicas consumido con martillo más impuesto y gastos consultas whatsapp+569 66564303 Andrés Fuenzalida Martillero Publico R.N.M 1656. 25.

SUBASTA EN LÍNEA WWW.FUENZA- lidaremates.cl por orden de Policía De Investigaciones De Chile. Subasto miércoles 04 de septiembre a contar de las 10 am vía web, exhibición en línea y presencial los días lunes 2 y martes 03 de 10 am a 13 pm y de 14 pm a 17 pm ubicado Colon 8038 La Cisterna. deberá registrarse y validar garantía por lote $ 1.000.000 recepción garantía hasta martes 03 de septiembre 17:00 hrs., son vehículos Chevrolet Sonic Cobalt Nissan Versa, Tiida Altima, station wagon, Pathfinder, Gran Nomade, Ford Explorer, carro de arrastre algunos vehículos siniestrados, el mandante se reserva el derecho a aumentar o retirar lotes anticipadamente lote especies mobiliario y otros, más información en la web, bases generales de subasta disponible en web www.fuenzalidaremates.cl solo transferencias electrónicas consumido martillo más impuesto y gastos consultas whatsapp+569 66564303 Andrés Fuenzalida Martillero Publico R.N.M 1656. 25.

REMATE ONLINE AUTO KIA 2022, Cámara Encendida Mejor Postor Miércoles 28 Agosto 2024, 19:30 horas (7:30 de la tarde). Juzgado Letras de Bulnes. Fórum con Rebolledo; Rol: E-560-2024: Automóvil Kia Motors Soluto LX 1.4 2022, Placa RKVJ94-4. Exhibiciones: Parcela Betania Km 6 Camino Cato, Chillán. Garantía $ 3.000.000. Informaciones: www.rematesmerinomarquez.cl. Comisión, impuestos. Martillero Público José Alfredo Merino M.

1616 Remates de propiedades

AVISO REMATE. ANTE PRIMER JUZ- gado de Letras Civil de San Miguel, autos caratulados rol C-4435-2020, caratulados 'Condominio Studio El Llano con Constructora e Ingeniería Santa Javiera Limitada', se llevará a efecto subasta de un inmueble el día 25 de septiembre de 2024, a las 14:30 horas. Se subastará inmueble correspondiente a la oficina 310 y el estacionamiento N° 8, del Edificio Studio El Llano, ubicado en calle Comandante Whiteside N° 4903, comuna de San Miguel, que tiene inscrito a fojas 11979 número 10061 del Registro de Propiedad del Conservador de Bienes Raíces de San Miguel del año 2014, Región Metropolitana, rol de avalúo fiscal N° 4852-214, en un mínimo para la subasta de $ 22.200.154.- Todo interesado en participar en la subasta, deberá consignar garantía por el 10% del mínimo fijado. Cómo participar: la subasta se celebrará en forma presencial o por videoconferencia; el interesado deberá constituir garantía suficiente mediante vale vista bancario a la orden del Tribunal, con una anticipación de al menos seis horas de antelación al día y hora de realización del remate, previa inscripción en el Tribunal.
